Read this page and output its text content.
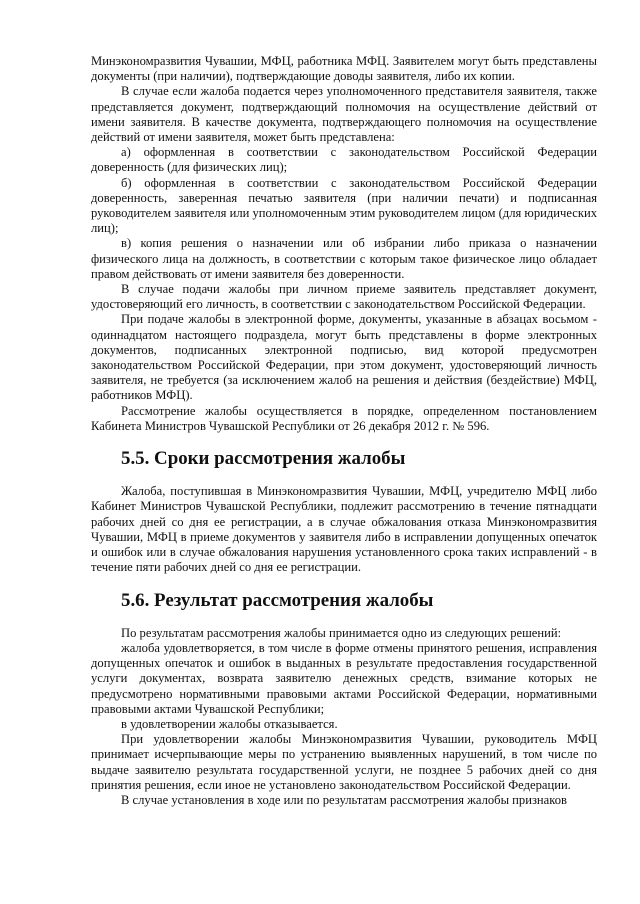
Минэкономразвития Чувашии, МФЦ, работника МФЦ. Заявителем могут быть представлены документы (при наличии), подтверждающие доводы заявителя, либо их копии.

В случае если жалоба подается через уполномоченного представителя заявителя, также представляется документ, подтверждающий полномочия на осуществление действий от имени заявителя. В качестве документа, подтверждающего полномочия на осуществление действий от имени заявителя, может быть представлена:

а) оформленная в соответствии с законодательством Российской Федерации доверенность (для физических лиц);

б) оформленная в соответствии с законодательством Российской Федерации доверенность, заверенная печатью заявителя (при наличии печати) и подписанная руководителем заявителя или уполномоченным этим руководителем лицом (для юридических лиц);

в) копия решения о назначении или об избрании либо приказа о назначении физического лица на должность, в соответствии с которым такое физическое лицо обладает правом действовать от имени заявителя без доверенности.

В случае подачи жалобы при личном приеме заявитель представляет документ, удостоверяющий его личность, в соответствии с законодательством Российской Федерации.

При подаче жалобы в электронной форме, документы, указанные в абзацах восьмом - одиннадцатом настоящего подраздела, могут быть представлены в форме электронных документов, подписанных электронной подписью, вид которой предусмотрен законодательством Российской Федерации, при этом документ, удостоверяющий личность заявителя, не требуется (за исключением жалоб на решения и действия (бездействие) МФЦ, работников МФЦ).

Рассмотрение жалобы осуществляется в порядке, определенном постановлением Кабинета Министров Чувашской Республики от 26 декабря 2012 г. № 596.

5.5. Сроки рассмотрения жалобы

Жалоба, поступившая в Минэкономразвития Чувашии, МФЦ, учредителю МФЦ либо Кабинет Министров Чувашской Республики, подлежит рассмотрению в течение пятнадцати рабочих дней со дня ее регистрации, а в случае обжалования отказа Минэкономразвития Чувашии, МФЦ в приеме документов у заявителя либо в исправлении допущенных опечаток и ошибок или в случае обжалования нарушения установленного срока таких исправлений - в течение пяти рабочих дней со дня ее регистрации.

5.6. Результат рассмотрения жалобы

По результатам рассмотрения жалобы принимается одно из следующих решений:

жалоба удовлетворяется, в том числе в форме отмены принятого решения, исправления допущенных опечаток и ошибок в выданных в результате предоставления государственной услуги документах, возврата заявителю денежных средств, взимание которых не предусмотрено нормативными правовыми актами Российской Федерации, нормативными правовыми актами Чувашской Республики;

в удовлетворении жалобы отказывается.

При удовлетворении жалобы Минэкономразвития Чувашии, руководитель МФЦ принимает исчерпывающие меры по устранению выявленных нарушений, в том числе по выдаче заявителю результата государственной услуги, не позднее 5 рабочих дней со дня принятия решения, если иное не установлено законодательством Российской Федерации.

В случае установления в ходе или по результатам рассмотрения жалобы признаков
